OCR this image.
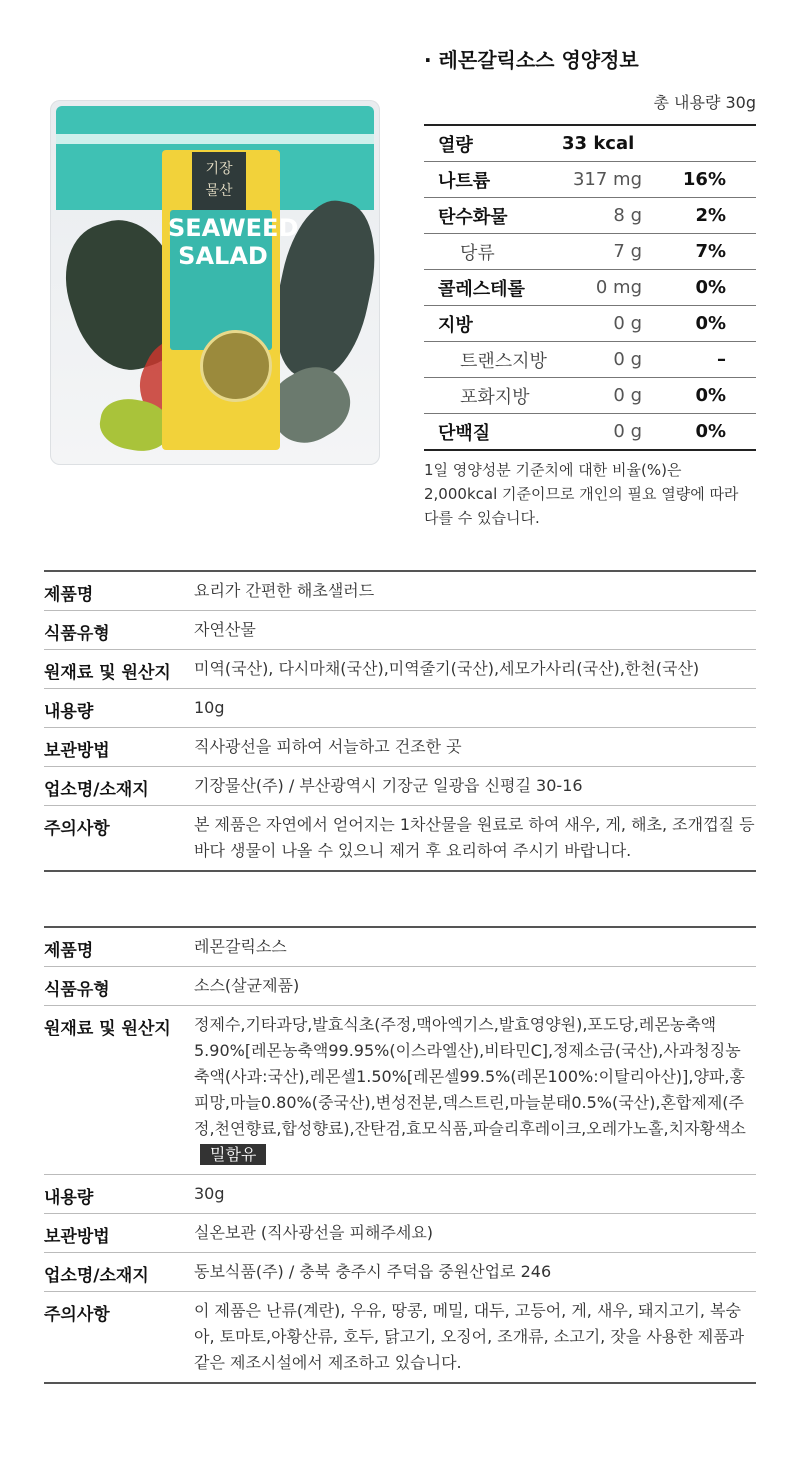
기장
물산
SEAWEED
SALAD
· 레몬갈릭소스 영양정보
총 내용량 30g
열량	33 kcal
나트륨	317 mg	16%
탄수화물	8 g	2%
당류	7 g	7%
콜레스테롤	0 mg	0%
지방	0 g	0%
트랜스지방	0 g	–
포화지방	0 g	0%
단백질	0 g	0%
1일 영양성분 기준치에 대한 비율(%)은 2,000kcal 기준이므로 개인의 필요 열량에 따라 다를 수 있습니다.
제품명	요리가 간편한 해초샐러드
식품유형	자연산물
원재료 및 원산지	미역(국산), 다시마채(국산),미역줄기(국산),세모가사리(국산),한천(국산)
내용량	10g
보관방법	직사광선을 피하여 서늘하고 건조한 곳
업소명/소재지	기장물산(주) / 부산광역시 기장군 일광읍 신평길 30-16
주의사항	본 제품은 자연에서 얻어지는 1차산물을 원료로 하여 새우, 게, 해초, 조개껍질 등 바다 생물이 나올 수 있으니 제거 후 요리하여 주시기 바랍니다.
제품명	레몬갈릭소스
식품유형	소스(살균제품)
원재료 및 원산지	정제수,기타과당,발효식초(주정,맥아엑기스,발효영양원),포도당,레몬농축액5.90%[레몬농축액99.95%(이스라엘산),비타민C],정제소금(국산),사과청징농축액(사과:국산),레몬셀1.50%[레몬셀99.5%(레몬100%:이탈리아산)],양파,홍피망,마늘0.80%(중국산),변성전분,덱스트린,마늘분태0.5%(국산),혼합제제(주정,천연향료,합성향료),잔탄검,효모식품,파슬리후레이크,오레가노홀,치자황색소밀함유
내용량	30g
보관방법	실온보관 (직사광선을 피해주세요)
업소명/소재지	동보식품(주) / 충북 충주시 주덕읍 중원산업로 246
주의사항	이 제품은 난류(계란), 우유, 땅콩, 메밀, 대두, 고등어, 게, 새우, 돼지고기, 복숭아, 토마토,아황산류, 호두, 닭고기, 오징어, 조개류, 소고기, 잣을 사용한 제품과 같은 제조시설에서 제조하고 있습니다.
